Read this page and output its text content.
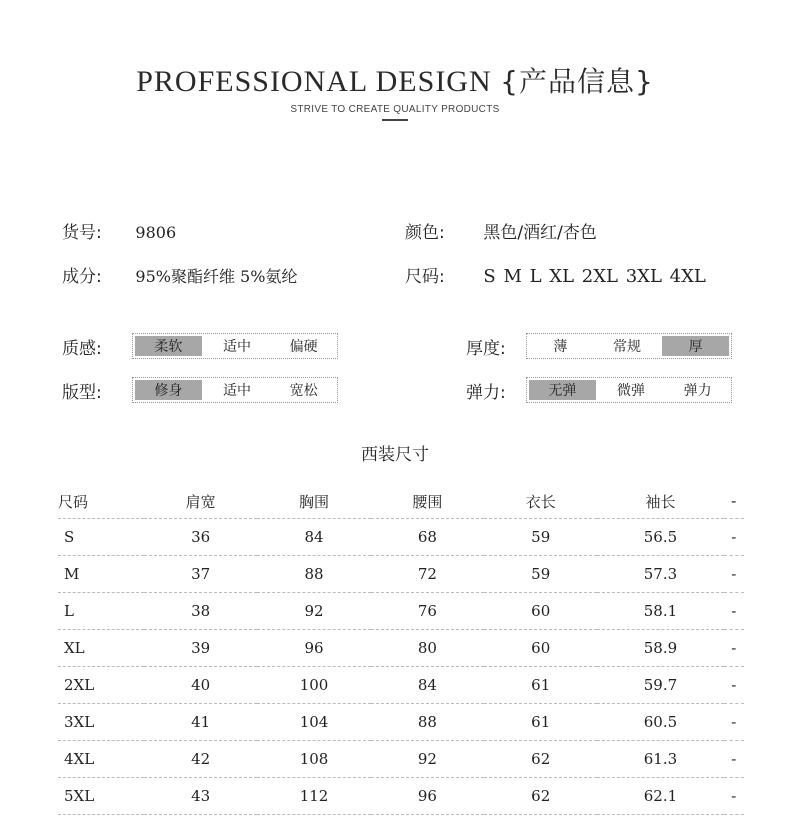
PROFESSIONAL DESIGN {产品信息}
STRIVE TO CREATE QUALITY PRODUCTS
货号: 9806
成分: 95%聚酯纤维 5%氨纶
颜色: 黑色/酒红/杏色
尺码: S M L XL 2XL 3XL 4XL
质感:	柔软	适中	偏硬
版型:	修身	适中	宽松
厚度:	薄	常规	厚
弹力:	无弹	微弹	弹力
西装尺寸
尺码	肩宽	胸围	腰围	衣长	袖长	-
S	36	84	68	59	56.5	-
M	37	88	72	59	57.3	-
L	38	92	76	60	58.1	-
XL	39	96	80	60	58.9	-
2XL	40	100	84	61	59.7	-
3XL	41	104	88	61	60.5	-
4XL	42	108	92	62	61.3	-
5XL	43	112	96	62	62.1	-
